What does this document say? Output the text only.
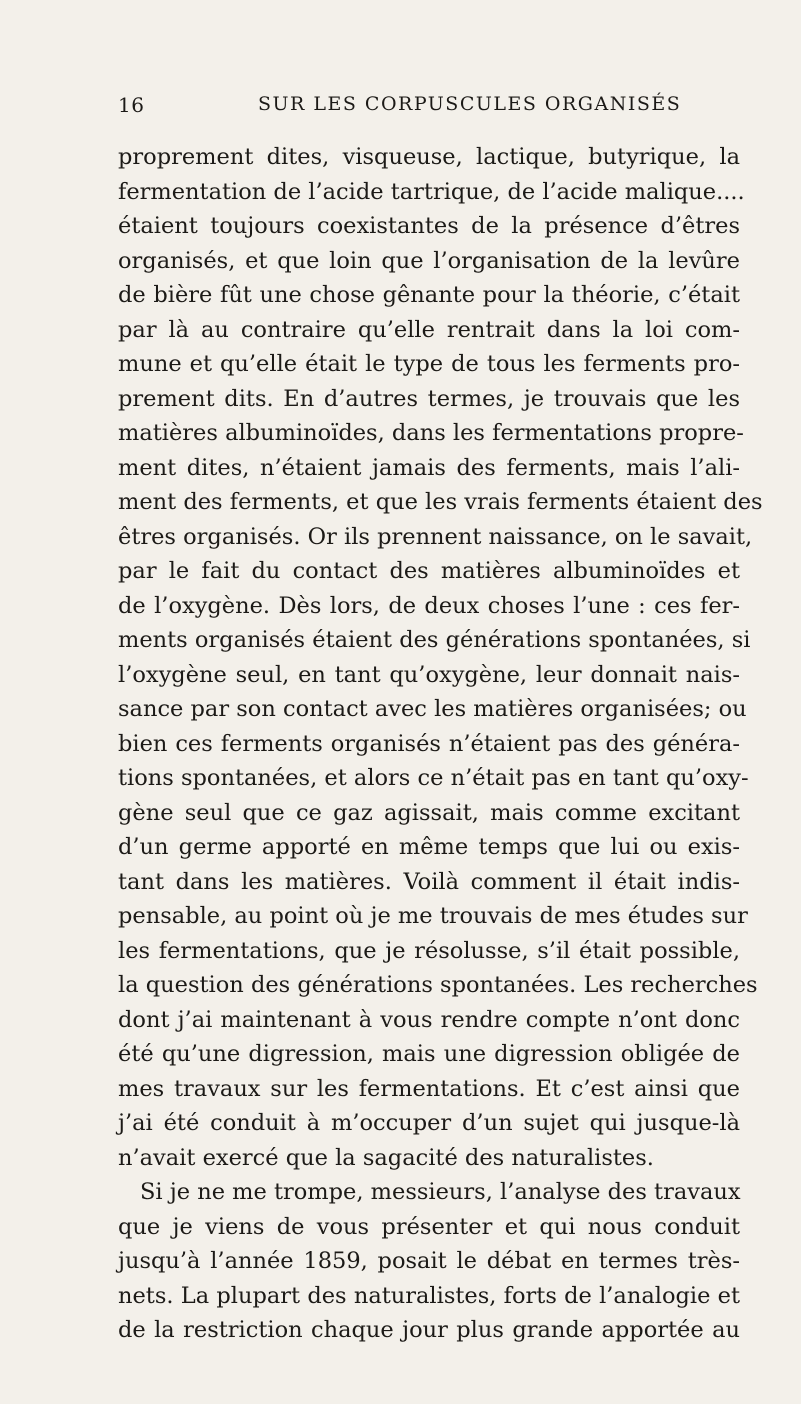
16	SUR LES CORPUSCULES ORGANISÉS
proprement dites, visqueuse, lactique, butyrique, la
fermentation de l’acide tartrique, de l’acide malique....
étaient toujours coexistantes de la présence d’êtres
organisés, et que loin que l’organisation de la levûre
de bière fût une chose gênante pour la théorie, c’était
par là au contraire qu’elle rentrait dans la loi com-
mune et qu’elle était le type de tous les ferments pro-
prement dits. En d’autres termes, je trouvais que les
matières albuminoïdes, dans les fermentations propre-
ment dites, n’étaient jamais des ferments, mais l’ali-
ment des ferments, et que les vrais ferments étaient des
êtres organisés. Or ils prennent naissance, on le savait,
par le fait du contact des matières albuminoïdes et
de l’oxygène. Dès lors, de deux choses l’une : ces fer-
ments organisés étaient des générations spontanées, si
l’oxygène seul, en tant qu’oxygène, leur donnait nais-
sance par son contact avec les matières organisées; ou
bien ces ferments organisés n’étaient pas des généra-
tions spontanées, et alors ce n’était pas en tant qu’oxy-
gène seul que ce gaz agissait, mais comme excitant
d’un germe apporté en même temps que lui ou exis-
tant dans les matières. Voilà comment il était indis-
pensable, au point où je me trouvais de mes études sur
les fermentations, que je résolusse, s’il était possible,
la question des générations spontanées. Les recherches
dont j’ai maintenant à vous rendre compte n’ont donc
été qu’une digression, mais une digression obligée de
mes travaux sur les fermentations. Et c’est ainsi que
j’ai été conduit à m’occuper d’un sujet qui jusque-là
n’avait exercé que la sagacité des naturalistes.
Si je ne me trompe, messieurs, l’analyse des travaux
que je viens de vous présenter et qui nous conduit
jusqu’à l’année 1859, posait le débat en termes très-
nets. La plupart des naturalistes, forts de l’analogie et
de la restriction chaque jour plus grande apportée au
